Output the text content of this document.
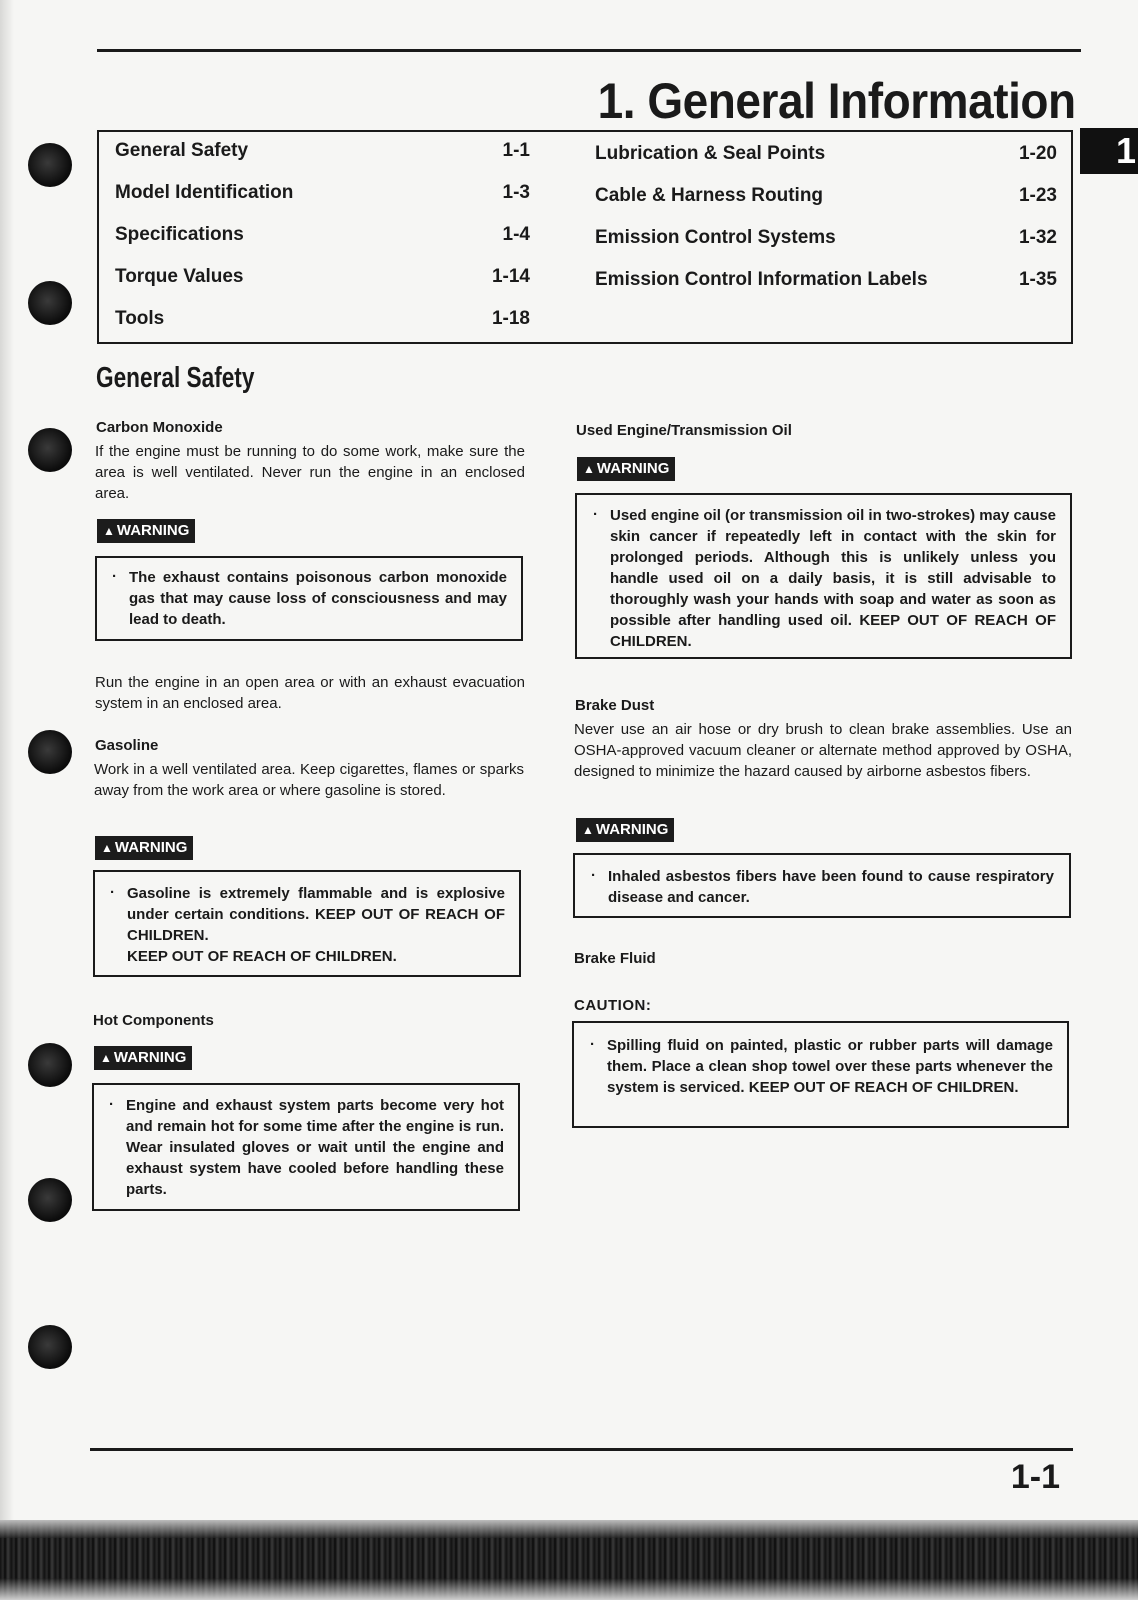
1. General Information
1
General Safety	1-1
Model Identification	1-3
Specifications	1-4
Torque Values	1-14
Tools	1-18
Lubrication & Seal Points	1-20
Cable & Harness Routing	1-23
Emission Control Systems	1-32
Emission Control Information Labels	1-35
General Safety
Carbon Monoxide
If the engine must be running to do some work, make sure the area is well ventilated. Never run the engine in an enclosed area.
▲ WARNING
· The exhaust contains poisonous carbon monoxide gas that may cause loss of consciousness and may lead to death.
Run the engine in an open area or with an exhaust evacuation system in an enclosed area.
Gasoline
Work in a well ventilated area. Keep cigarettes, flames or sparks away from the work area or where gasoline is stored.
▲ WARNING
· Gasoline is extremely flammable and is explosive under certain conditions. KEEP OUT OF REACH OF CHILDREN.
KEEP OUT OF REACH OF CHILDREN.
Hot Components
▲ WARNING
· Engine and exhaust system parts become very hot and remain hot for some time after the engine is run. Wear insulated gloves or wait until the engine and exhaust system have cooled before handling these parts.
Used Engine/Transmission Oil
▲ WARNING
· Used engine oil (or transmission oil in two-strokes) may cause skin cancer if repeatedly left in contact with the skin for prolonged periods. Although this is unlikely unless you handle used oil on a daily basis, it is still advisable to thoroughly wash your hands with soap and water as soon as possible after handling used oil. KEEP OUT OF REACH OF CHILDREN.
Brake Dust
Never use an air hose or dry brush to clean brake assemblies. Use an OSHA-approved vacuum cleaner or alternate method approved by OSHA, designed to minimize the hazard caused by airborne asbestos fibers.
▲ WARNING
· Inhaled asbestos fibers have been found to cause respiratory disease and cancer.
Brake Fluid
CAUTION:
· Spilling fluid on painted, plastic or rubber parts will damage them. Place a clean shop towel over these parts whenever the system is serviced. KEEP OUT OF REACH OF CHILDREN.
1-1
